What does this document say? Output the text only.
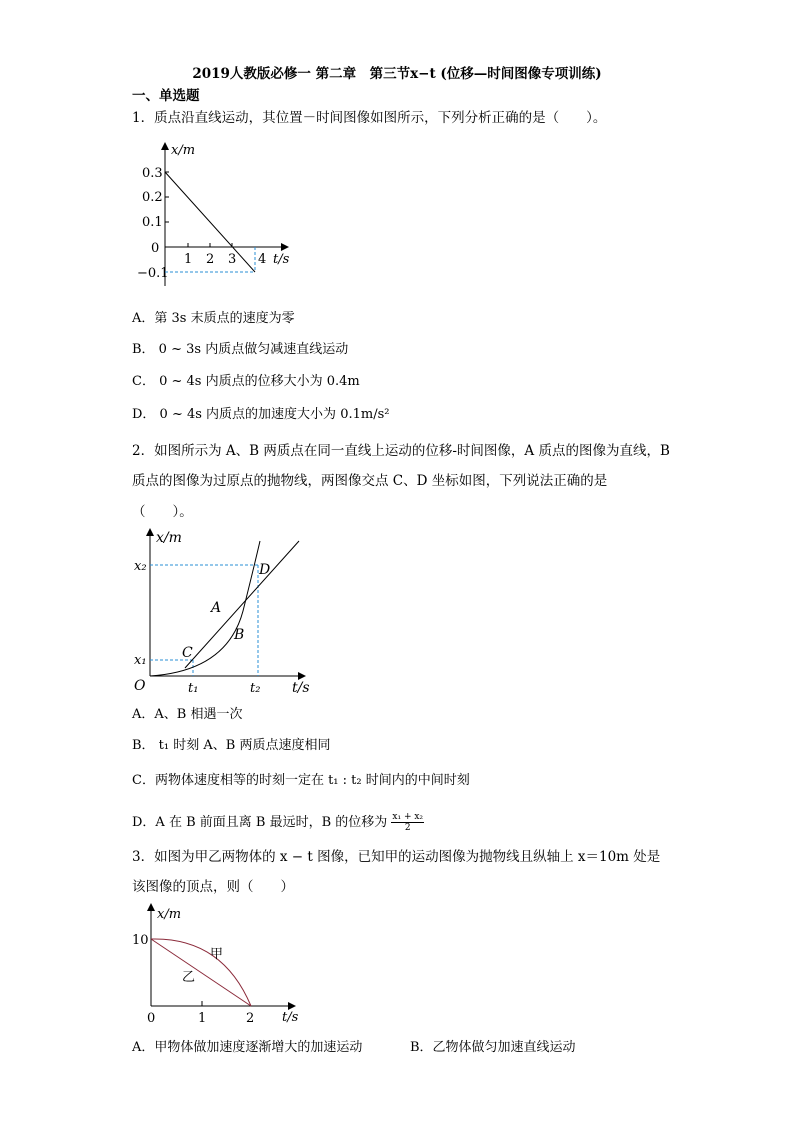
2019人教版必修一 第二章　第三节x−t (位移—时间图像专项训练)
一、单选题
1．质点沿直线运动，其位置－时间图像如图所示，下列分析正确的是（　　）。
x/m
t/s
0.3
0.2
0.1
0
−0.1
1 2 3 4
A．第 3s 末质点的速度为零
B． 0 ~ 3s 内质点做匀减速直线运动
C． 0 ~ 4s 内质点的位移大小为 0.4m
D． 0 ~ 4s 内质点的加速度大小为 0.1m/s²
2．如图所示为 A、B 两质点在同一直线上运动的位移-时间图像，A 质点的图像为直线，B
质点的图像为过原点的抛物线，两图像交点 C、D 坐标如图，下列说法正确的是
（　　）。
x/m
t/s
O
x₂
x₁
t₁	t₂
C
D
A
B
A．A、B 相遇一次
B． t₁ 时刻 A、B 两质点速度相同
C．两物体速度相等的时刻一定在 t₁ : t₂ 时间内的中间时刻
D．A 在 B 前面且离 B 最远时，B 的位移为 $\frac{\text{x₁ + x₂}}{2}$
3．如图为甲乙两物体的 x − t 图像，已知甲的运动图像为抛物线且纵轴上 x＝10m 处是
该图像的顶点，则（　　）
x/m
t/s
10
0	1	2
甲
乙
A．甲物体做加速度逐渐增大的加速运动	B．乙物体做匀加速直线运动
